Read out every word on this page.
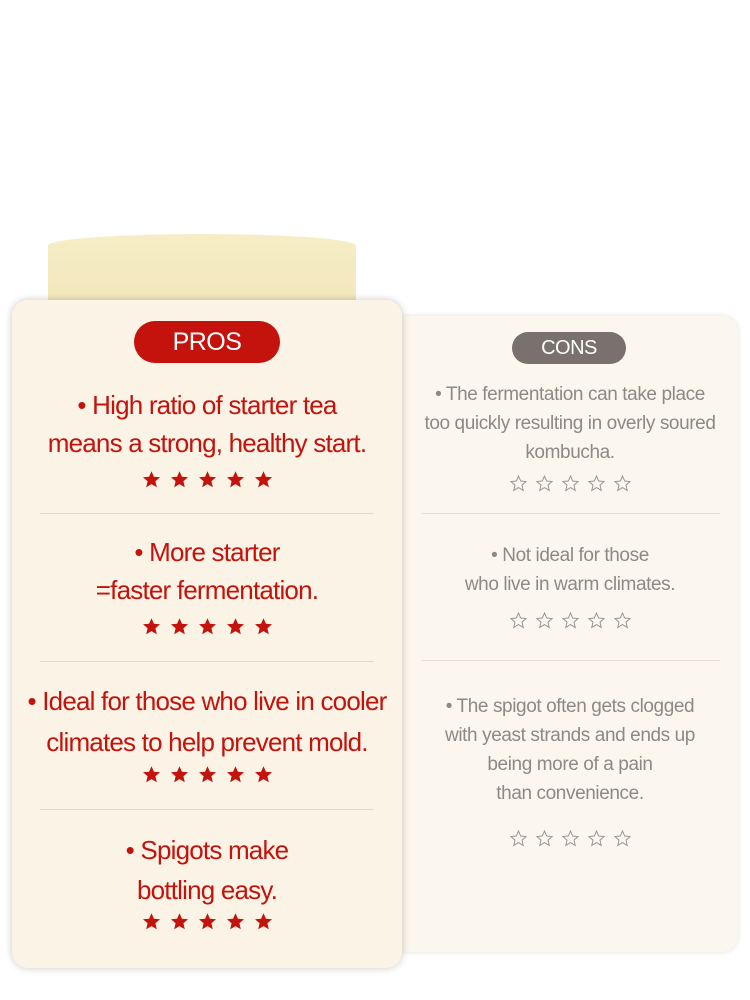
CONS
• The fermentation can take place
too quickly resulting in overly soured
kombucha.
• Not ideal for those
who live in warm climates.
• The spigot often gets clogged
with yeast strands and ends up
being more of a pain
than convenience.
PROS
• High ratio of starter tea
means a strong, healthy start.
• More starter
=faster fermentation.
• Ideal for those who live in cooler
climates to help prevent mold.
• Spigots make
bottling easy.
